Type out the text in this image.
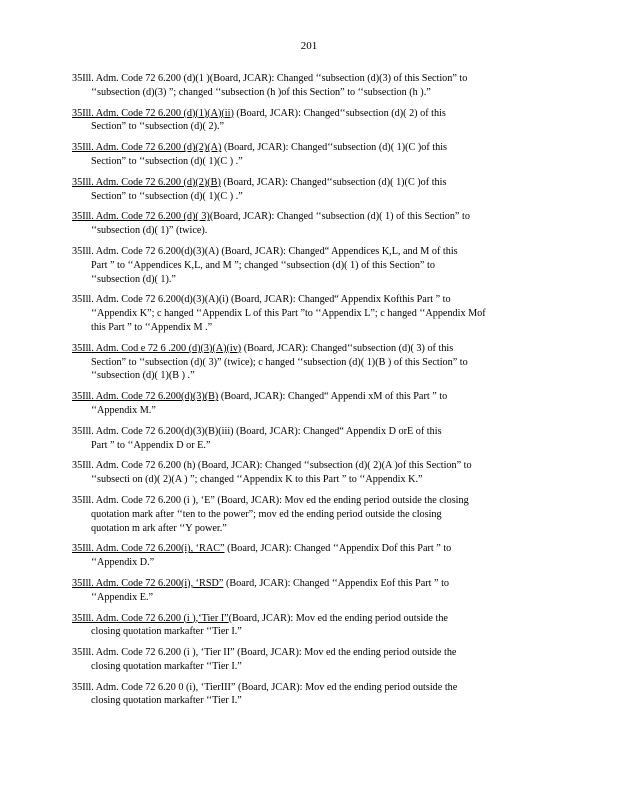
201
35Ill. Adm. Code 72 6.200 (d)(1 )(Board, JCAR): Changed ‘‘subsection (d)(3) of this Section” to
‘‘subsection (d)(3) ”; changed ‘‘subsection (h )of this Section” to ‘‘subsection (h ).”
35Ill. Adm. Code 72 6.200 (d)(1)(A)(ii) (Board, JCAR): Changed‘‘subsection (d)( 2) of this
Section” to ‘‘subsection (d)( 2).”
35Ill. Adm. Code 72 6.200 (d)(2)(A) (Board, JCAR): Changed‘‘subsection (d)( 1)(C )of this
Section” to ‘‘subsection (d)( 1)(C ) .”
35Ill. Adm. Code 72 6.200 (d)(2)(B) (Board, JCAR): Changed‘‘subsection (d)( 1)(C )of this
Section” to ‘‘subsection (d)( 1)(C ) .”
35Ill. Adm. Code 72 6.200 (d)( 3)(Board, JCAR): Changed ‘‘subsection (d)( 1) of this Section” to
‘‘subsection (d)( 1)” (twice).
35Ill. Adm. Code 72 6.200(d)(3)(A) (Board, JCAR): Changed“ Appendices K,L, and M of this
Part ” to ‘‘Appendices K,L, and M ”; changed ‘‘subsection (d)( 1) of this Section” to
‘‘subsection (d)( 1).”
35Ill. Adm. Code 72 6.200(d)(3)(A)(i) (Board, JCAR): Changed“ Appendix Kofthis Part ” to
‘‘Appendix K”; c hanged ‘‘Appendix L of this Part ”to ‘‘Appendix L”; c hanged ‘‘Appendix Mof
this Part ” to ‘‘Appendix M .”
35Ill. Adm. Cod e 72 6 .200 (d)(3)(A)(iv) (Board, JCAR): Changed‘‘subsection (d)( 3) of this
Section” to ‘‘subsection (d)( 3)” (twice); c hanged ‘‘subsection (d)( 1)(B ) of this Section” to
‘‘subsection (d)( 1)(B ) .”
35Ill. Adm. Code 72 6.200(d)(3)(B) (Board, JCAR): Changed“ Appendi xM of this Part ” to
‘‘Appendix M.”
35Ill. Adm. Code 72 6.200(d)(3)(B)(iii) (Board, JCAR): Changed“ Appendix D orE of this
Part ” to ‘‘Appendix D or E.”
35Ill. Adm. Code 72 6.200 (h) (Board, JCAR): Changed ‘‘subsection (d)( 2)(A )of this Section” to
‘‘subsecti on (d)( 2)(A ) ”; changed ‘‘Appendix K to this Part ” to ‘‘Appendix K.”
35Ill. Adm. Code 72 6.200 (i ), ‘E” (Board, JCAR): Mov ed the ending period outside the closing
quotation mark after ‘‘ten to the power”; mov ed the ending period outside the closing
quotation m ark after ‘‘Y power.”
35Ill. Adm. Code 72 6.200(i), ‘RAC” (Board, JCAR): Changed ‘‘Appendix Dof this Part ” to
‘‘Appendix D.”
35Ill. Adm. Code 72 6.200(i), ‘RSD” (Board, JCAR): Changed ‘‘Appendix Eof this Part ” to
‘‘Appendix E.”
35Ill. Adm. Code 72 6.200 (i ),‘Tier I”(Board, JCAR): Mov ed the ending period outside the
closing quotation markafter ‘‘Tier I.”
35Ill. Adm. Code 72 6.200 (i ), ‘Tier II” (Board, JCAR): Mov ed the ending period outside the
closing quotation markafter ‘‘Tier I.”
35Ill. Adm. Code 72 6.20 0 (i), ‘TierIII” (Board, JCAR): Mov ed the ending period outside the
closing quotation markafter ‘‘Tier I.”
